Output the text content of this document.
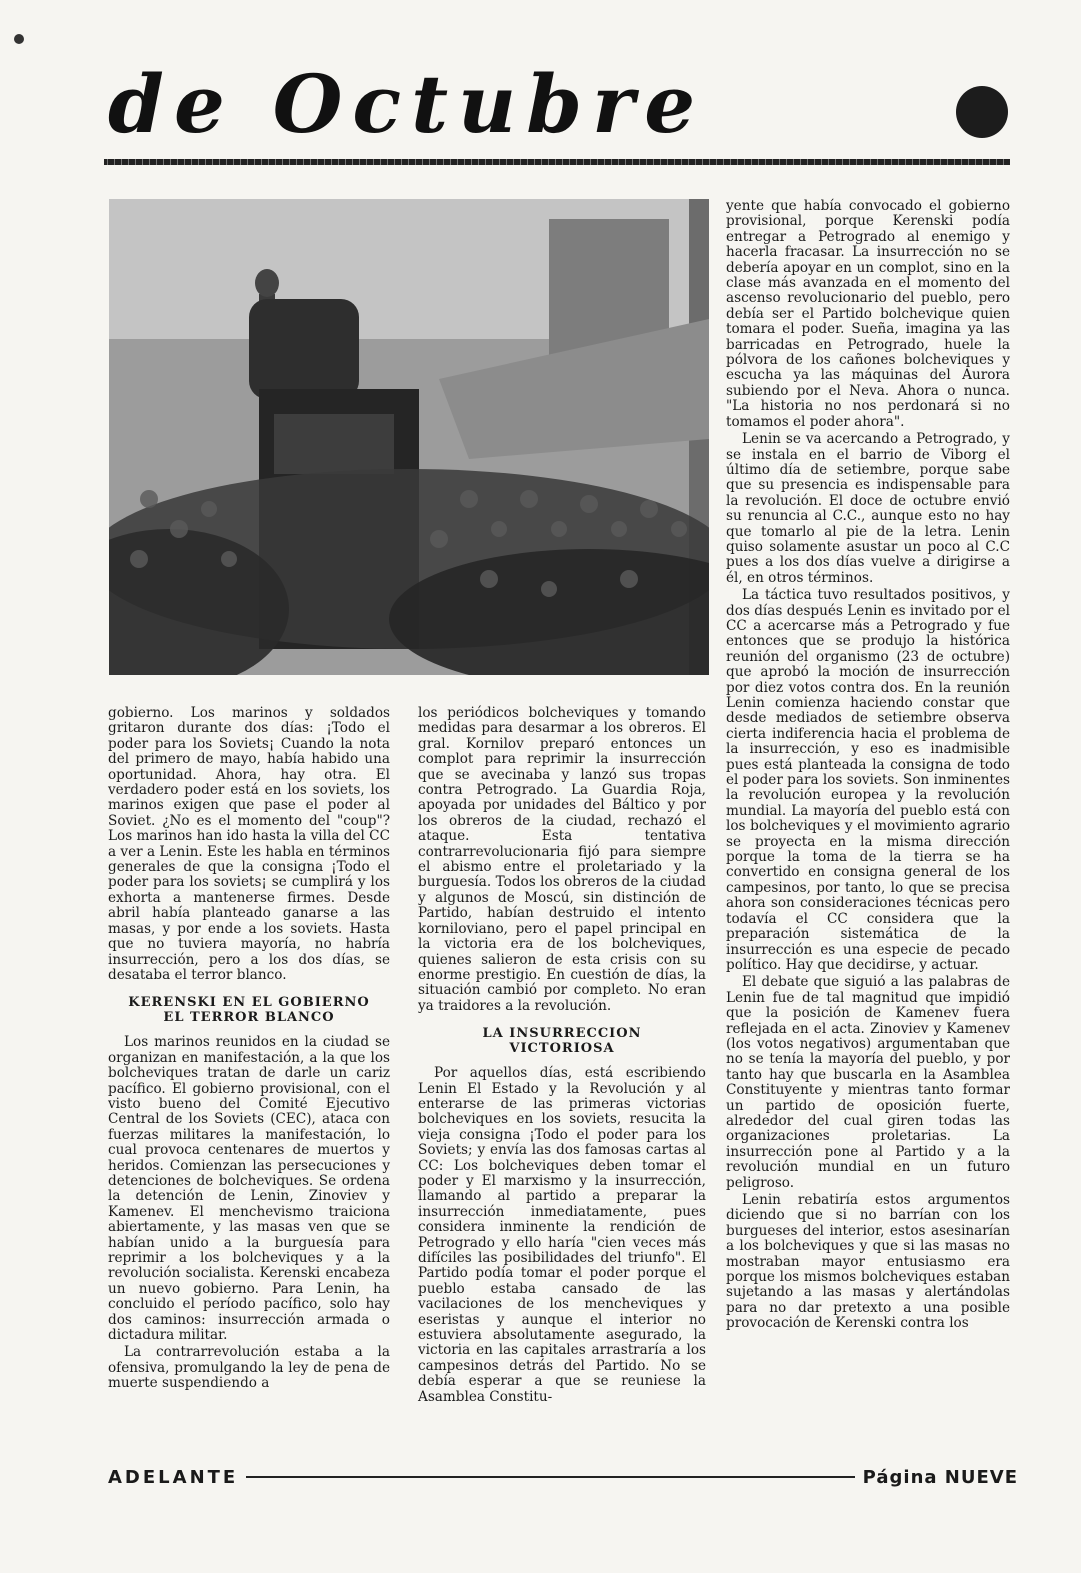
de Octubre

gobierno. Los marinos y soldados gritaron durante dos días: ¡Todo el poder para los Soviets¡ Cuando la nota del primero de mayo, había habido una oportunidad. Ahora, hay otra. El verdadero poder está en los soviets, los marinos exigen que pase el poder al Soviet. ¿No es el momento del "coup"? Los marinos han ido hasta la villa del CC a ver a Lenin. Este les habla en términos generales de que la consigna ¡Todo el poder para los soviets¡ se cumplirá y los exhorta a mantenerse firmes. Desde abril había planteado ganarse a las masas, y por ende a los soviets. Hasta que no tuviera mayoría, no habría insurrección, pero a los dos días, se desataba el terror blanco.

KERENSKI EN EL GOBIERNO
EL TERROR BLANCO

Los marinos reunidos en la ciudad se organizan en manifestación, a la que los bolcheviques tratan de darle un cariz pacífico. El gobierno provisional, con el visto bueno del Comité Ejecutivo Central de los Soviets (CEC), ataca con fuerzas militares la manifestación, lo cual provoca centenares de muertos y heridos. Comienzan las persecuciones y detenciones de bolcheviques. Se ordena la detención de Lenin, Zinoviev y Kamenev. El menchevismo traiciona abiertamente, y las masas ven que se habían unido a la burguesía para reprimir a los bolcheviques y a la revolución socialista. Kerenski encabeza un nuevo gobierno. Para Lenin, ha concluido el período pacífico, solo hay dos caminos: insurrección armada o dictadura militar.

La contrarrevolución estaba a la ofensiva, promulgando la ley de pena de muerte suspendiendo a

los periódicos bolcheviques y tomando medidas para desarmar a los obreros. El gral. Kornilov preparó entonces un complot para reprimir la insurrección que se avecinaba y lanzó sus tropas contra Petrogrado. La Guardia Roja, apoyada por unidades del Báltico y por los obreros de la ciudad, rechazó el ataque. Esta tentativa contrarrevolucionaria fijó para siempre el abismo entre el proletariado y la burguesía. Todos los obreros de la ciudad y algunos de Moscú, sin distinción de Partido, habían destruido el intento korniloviano, pero el papel principal en la victoria era de los bolcheviques, quienes salieron de esta crisis con su enorme prestigio. En cuestión de días, la situación cambió por completo. No eran ya traidores a la revolución.

LA INSURRECCION
VICTORIOSA

Por aquellos días, está escribiendo Lenin El Estado y la Revolución y al enterarse de las primeras victorias bolcheviques en los soviets, resucita la vieja consigna ¡Todo el poder para los Soviets; y envía las dos famosas cartas al CC: Los bolcheviques deben tomar el poder y El marxismo y la insurrección, llamando al partido a preparar la insurrección inmediatamente, pues considera inminente la rendición de Petrogrado y ello haría "cien veces más difíciles las posibilidades del triunfo". El Partido podía tomar el poder porque el pueblo estaba cansado de las vacilaciones de los mencheviques y eseristas y aunque el interior no estuviera absolutamente asegurado, la victoria en las capitales arrastraría a los campesinos detrás del Partido. No se debía esperar a que se reuniese la Asamblea Constitu-

yente que había convocado el gobierno provisional, porque Kerenski podía entregar a Petrogrado al enemigo y hacerla fracasar. La insurrección no se debería apoyar en un complot, sino en la clase más avanzada en el momento del ascenso revolucionario del pueblo, pero debía ser el Partido bolchevique quien tomara el poder. Sueña, imagina ya las barricadas en Petrogrado, huele la pólvora de los cañones bolcheviques y escucha ya las máquinas del Aurora subiendo por el Neva. Ahora o nunca. "La historia no nos perdonará si no tomamos el poder ahora".

Lenin se va acercando a Petrogrado, y se instala en el barrio de Viborg el último día de setiembre, porque sabe que su presencia es indispensable para la revolución. El doce de octubre envió su renuncia al C.C., aunque esto no hay que tomarlo al pie de la letra. Lenin quiso solamente asustar un poco al C.C pues a los dos días vuelve a dirigirse a él, en otros términos.

La táctica tuvo resultados positivos, y dos días después Lenin es invitado por el CC a acercarse más a Petrogrado y fue entonces que se produjo la histórica reunión del organismo (23 de octubre) que aprobó la moción de insurrección por diez votos contra dos. En la reunión Lenin comienza haciendo constar que desde mediados de setiembre observa cierta indiferencia hacia el problema de la insurrección, y eso es inadmisible pues está planteada la consigna de todo el poder para los soviets. Son inminentes la revolución europea y la revolución mundial. La mayoría del pueblo está con los bolcheviques y el movimiento agrario se proyecta en la misma dirección porque la toma de la tierra se ha convertido en consigna general de los campesinos, por tanto, lo que se precisa ahora son consideraciones técnicas pero todavía el CC considera que la preparación sistemática de la insurrección es una especie de pecado político. Hay que decidirse, y actuar.

El debate que siguió a las palabras de Lenin fue de tal magnitud que impidió que la posición de Kamenev fuera reflejada en el acta. Zinoviev y Kamenev (los votos negativos) argumentaban que no se tenía la mayoría del pueblo, y por tanto hay que buscarla en la Asamblea Constituyente y mientras tanto formar un partido de oposición fuerte, alrededor del cual giren todas las organizaciones proletarias. La insurrección pone al Partido y a la revolución mundial en un futuro peligroso.

Lenin rebatiría estos argumentos diciendo que si no barrían con los burgueses del interior, estos asesinarían a los bolcheviques y que si las masas no mostraban mayor entusiasmo era porque los mismos bolcheviques estaban sujetando a las masas y alertándolas para no dar pretexto a una posible provocación de Kerenski contra los

ADELANTE	Página NUEVE
